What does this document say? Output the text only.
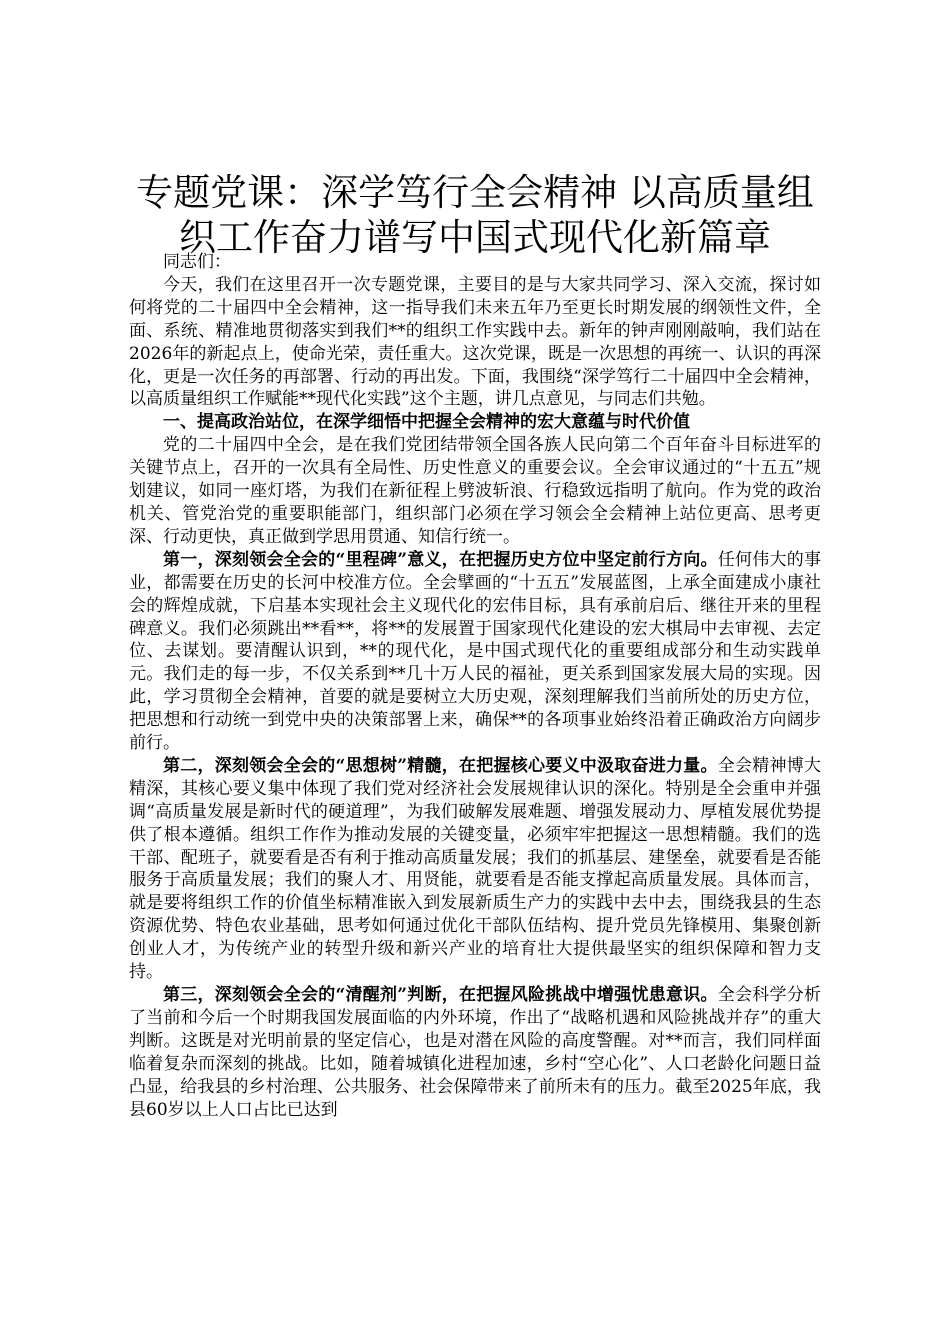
专题党课：深学笃行全会精神 以高质量组织工作奋力谱写中国式现代化新篇章

同志们：

今天，我们在这里召开一次专题党课，主要目的是与大家共同学习、深入交流，探讨如何将党的二十届四中全会精神，这一指导我们未来五年乃至更长时期发展的纲领性文件，全面、系统、精准地贯彻落实到我们**的组织工作实践中去。新年的钟声刚刚敲响，我们站在2026年的新起点上，使命光荣，责任重大。这次党课，既是一次思想的再统一、认识的再深化，更是一次任务的再部署、行动的再出发。下面，我围绕“深学笃行二十届四中全会精神，以高质量组织工作赋能**现代化实践”这个主题，讲几点意见，与同志们共勉。

一、提高政治站位，在深学细悟中把握全会精神的宏大意蕴与时代价值

党的二十届四中全会，是在我们党团结带领全国各族人民向第二个百年奋斗目标进军的关键节点上，召开的一次具有全局性、历史性意义的重要会议。全会审议通过的“十五五”规划建议，如同一座灯塔，为我们在新征程上劈波斩浪、行稳致远指明了航向。作为党的政治机关、管党治党的重要职能部门，组织部门必须在学习领会全会精神上站位更高、思考更深、行动更快，真正做到学思用贯通、知信行统一。

第一，深刻领会全会的“里程碑”意义，在把握历史方位中坚定前行方向。任何伟大的事业，都需要在历史的长河中校准方位。全会擘画的“十五五”发展蓝图，上承全面建成小康社会的辉煌成就，下启基本实现社会主义现代化的宏伟目标，具有承前启后、继往开来的里程碑意义。我们必须跳出**看**，将**的发展置于国家现代化建设的宏大棋局中去审视、去定位、去谋划。要清醒认识到，**的现代化，是中国式现代化的重要组成部分和生动实践单元。我们走的每一步，不仅关系到**几十万人民的福祉，更关系到国家发展大局的实现。因此，学习贯彻全会精神，首要的就是要树立大历史观，深刻理解我们当前所处的历史方位，把思想和行动统一到党中央的决策部署上来，确保**的各项事业始终沿着正确政治方向阔步前行。

第二，深刻领会全会的“思想树”精髓，在把握核心要义中汲取奋进力量。全会精神博大精深，其核心要义集中体现了我们党对经济社会发展规律认识的深化。特别是全会重申并强调“高质量发展是新时代的硬道理”，为我们破解发展难题、增强发展动力、厚植发展优势提供了根本遵循。组织工作作为推动发展的关键变量，必须牢牢把握这一思想精髓。我们的选干部、配班子，就要看是否有利于推动高质量发展；我们的抓基层、建堡垒，就要看是否能服务于高质量发展；我们的聚人才、用贤能，就要看是否能支撑起高质量发展。具体而言，就是要将组织工作的价值坐标精准嵌入到发展新质生产力的实践中去中去，围绕我县的生态资源优势、特色农业基础，思考如何通过优化干部队伍结构、提升党员先锋模用、集聚创新创业人才，为传统产业的转型升级和新兴产业的培育壮大提供最坚实的组织保障和智力支持。

第三，深刻领会全会的“清醒剂”判断，在把握风险挑战中增强忧患意识。全会科学分析了当前和今后一个时期我国发展面临的内外环境，作出了“战略机遇和风险挑战并存”的重大判断。这既是对光明前景的坚定信心，也是对潜在风险的高度警醒。对**而言，我们同样面临着复杂而深刻的挑战。比如，随着城镇化进程加速，乡村“空心化”、人口老龄化问题日益凸显，给我县的乡村治理、公共服务、社会保障带来了前所未有的压力。截至2025年底，我县60岁以上人口占比已达到
